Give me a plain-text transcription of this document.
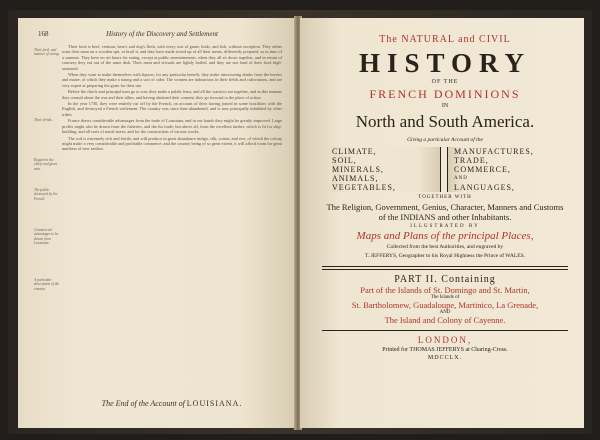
168	History of the Discovery and Settlement
Their food, and manner of eating.
Their drinks.
Regard to the chiefs and great men.
The public destroyed by the French.
Commercial advantages to be drawn from Louisiana.
A particular description of the country.

Their food is beef, venison, bear's and dog's flesh, with every sort of game, birds, and fish, without exception. They either roast their meat on a wooden spit, or broil it, and they have made stored up of all their meats, differently prepared, as in time of a summer. They have no set hours for eating, except at public entertainments, when they all sit down together, and in return of courtesy they eat out of the same dish. Their meat and victuals are lightly boiled, and they are not fond of their food high-seasoned.

When they want to make themselves with liquors, for any particular benefit, they make intoxicating drinks from the berries and maize, of which they make a strong and a sort of cider. The women are industrious in their fields and cultivations, and are very expert at preparing the grain for their use.

Before the chiefs and principal men go to war, they make a public feast, and all the warriors eat together, and in this manner they consult about the war and their allies, and having obtained their consent, they go forward to the place of action.

In the year 1730, they were entirely cut off by the French, on account of their having joined in some hostilities with the English, and destroyed a French settlement. The country was since then abandoned, and is now principally inhabited by other tribes.

France draws considerable advantages from the trade of Louisiana, and in our hands they might be greatly improved. Large profits might also be drawn from the fisheries, and the fur trade; but above all, from the excellent timber, which is fit for ship-building, and all sorts of naval stores, and for the construction of various works.

The soil is extremely rich and fertile, and will produce in great abundance indigo, silk, cotton, and rice, of which the colony might make a very considerable and profitable commerce; and the country being of so great extent, it will afford room for great numbers of new settlers.

The End of the Account of LOUISIANA.
The NATURAL and CIVIL
HISTORY
OF THE
FRENCH DOMINIONS
IN
North and South America.
Giving a particular Account of the
CLIMATE,
SOIL,
MINERALS,
ANIMALS,
VEGETABLES,
MANUFACTURES,
TRADE,
COMMERCE,
AND
LANGUAGES,
TOGETHER WITH
The Religion, Government, Genius, Character, Manners and Customs of the INDIANS and other Inhabitants.
ILLUSTRATED BY
Maps and Plans of the principal Places,
Collected from the best Authorities, and engraved by
T. JEFFERYS, Geographer to his Royal Highness the Prince of WALES.
PART II. Containing
Part of the Islands of St. Domingo and St. Martin,
The Islands of
St. Bartholomew, Guadaloupe, Martinico, La Grenade,
AND
The Island and Colony of Cayenne.
LONDON,
Printed for THOMAS JEFFERYS at Charing-Cross.
MDCCLX.
